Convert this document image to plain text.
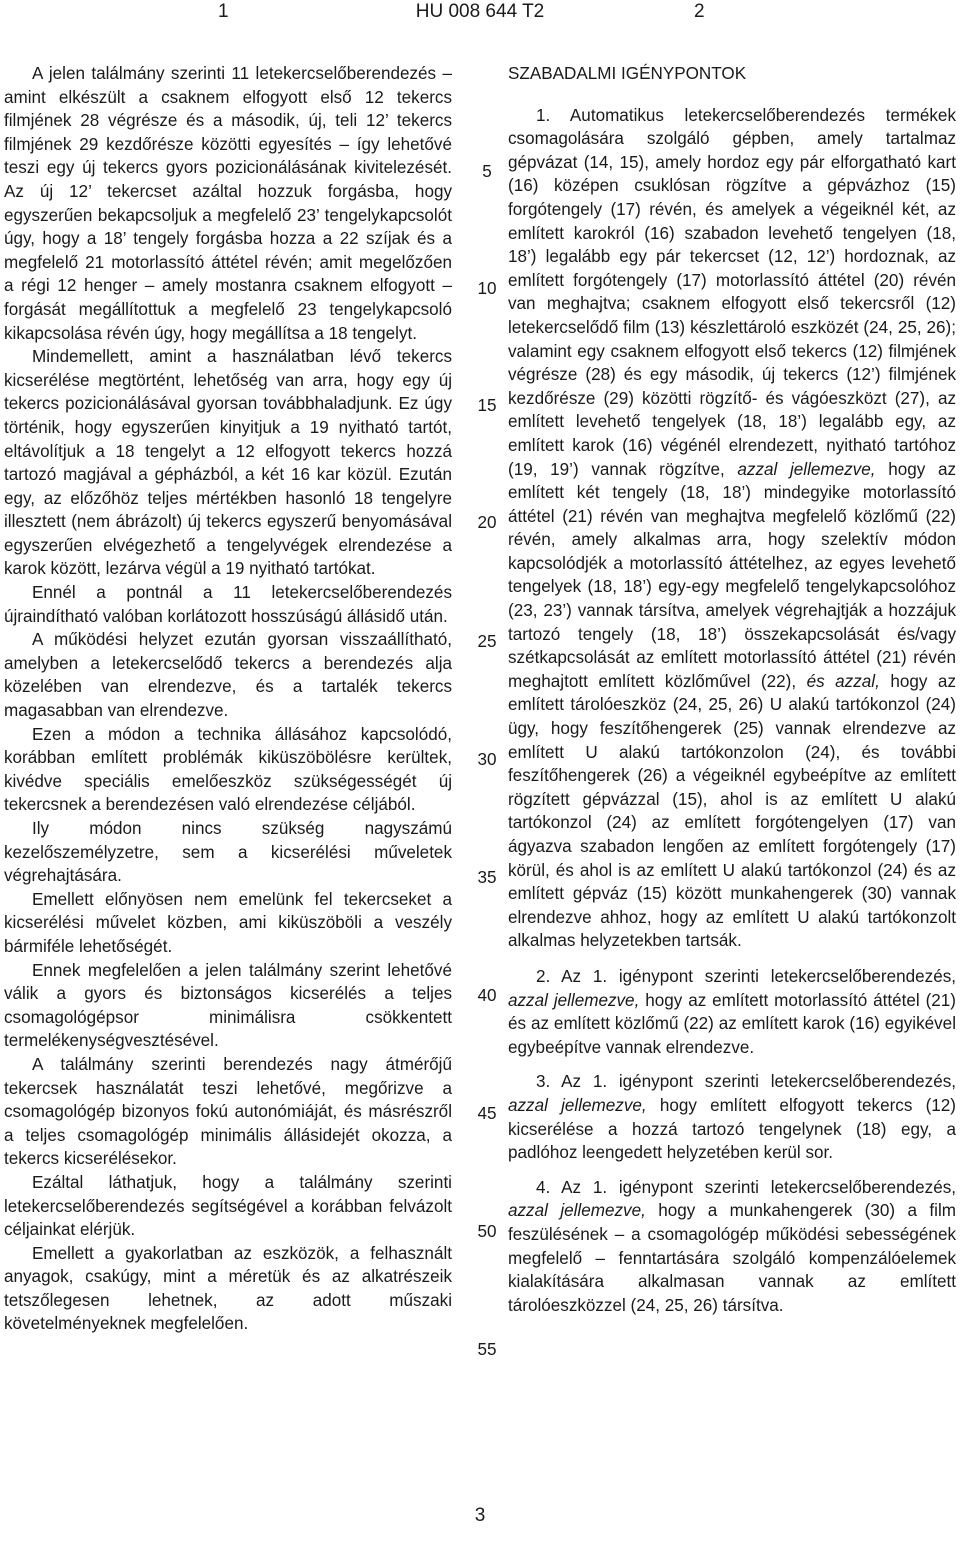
1	HU 008 644 T2	2

A jelen találmány szerinti 11 letekercselőberendezés – amint elkészült a csaknem elfogyott első 12 tekercs filmjének 28 végrésze és a második, új, teli 12’ tekercs filmjének 29 kezdőrésze közötti egyesítés – így lehetővé teszi egy új tekercs gyors pozicionálásának kivitelezését. Az új 12’ tekercset azáltal hozzuk forgásba, hogy egyszerűen bekapcsoljuk a megfelelő 23’ tengelykapcsolót úgy, hogy a 18’ tengely forgásba hozza a 22 szíjak és a megfelelő 21 motorlassító áttétel révén; amit megelőzően a régi 12 henger – amely mostanra csaknem elfogyott – forgását megállítottuk a megfelelő 23 tengelykapcsoló kikapcsolása révén úgy, hogy megállítsa a 18 tengelyt.

Mindemellett, amint a használatban lévő tekercs kicserélése megtörtént, lehetőség van arra, hogy egy új tekercs pozicionálásával gyorsan továbbhaladjunk. Ez úgy történik, hogy egyszerűen kinyitjuk a 19 nyitható tartót, eltávolítjuk a 18 tengelyt a 12 elfogyott tekercs hozzá tartozó magjával a gépházból, a két 16 kar közül. Ezután egy, az előzőhöz teljes mértékben hasonló 18 tengelyre illesztett (nem ábrázolt) új tekercs egyszerű benyomásával egyszerűen elvégezhető a tengelyvégek elrendezése a karok között, lezárva végül a 19 nyitható tartókat.

Ennél a pontnál a 11 letekercselőberendezés újraindítható valóban korlátozott hosszúságú állásidő után.

A működési helyzet ezután gyorsan visszaállítható, amelyben a letekercselődő tekercs a berendezés alja közelében van elrendezve, és a tartalék tekercs magasabban van elrendezve.

Ezen a módon a technika állásához kapcsolódó, korábban említett problémák kiküszöbölésre kerültek, kivédve speciális emelőeszköz szükségességét új tekercsnek a berendezésen való elrendezése céljából.

Ily módon nincs szükség nagyszámú kezelőszemélyzetre, sem a kicserélési műveletek végrehajtására.

Emellett előnyösen nem emelünk fel tekercseket a kicserélési művelet közben, ami kiküszöböli a veszély bármiféle lehetőségét.

Ennek megfelelően a jelen találmány szerint lehetővé válik a gyors és biztonságos kicserélés a teljes csomagológépsor minimálisra csökkentett termelékenységvesztésével.

A találmány szerinti berendezés nagy átmérőjű tekercsek használatát teszi lehetővé, megőrizve a csomagológép bizonyos fokú autonómiáját, és másrészről a teljes csomagológép minimális állásidejét okozza, a tekercs kicserélésekor.

Ezáltal láthatjuk, hogy a találmány szerinti letekercselőberendezés segítségével a korábban felvázolt céljainkat elérjük.

Emellett a gyakorlatban az eszközök, a felhasznált anyagok, csakúgy, mint a méretük és az alkatrészeik tetszőlegesen lehetnek, az adott műszaki követelményeknek megfelelően.

5
10
15
20
25
30
35
40
45
50
55
SZABADALMI IGÉNYPONTOK

1. Automatikus letekercselőberendezés termékek csomagolására szolgáló gépben, amely tartalmaz gépvázat (14, 15), amely hordoz egy pár elforgatható kart (16) középen csuklósan rögzítve a gépvázhoz (15) forgótengely (17) révén, és amelyek a végeiknél két, az említett karokról (16) szabadon levehető tengelyen (18, 18’) legalább egy pár tekercset (12, 12’) hordoznak, az említett forgótengely (17) motorlassító áttétel (20) révén van meghajtva; csaknem elfogyott első tekercsről (12) letekercselődő film (13) készlettároló eszközét (24, 25, 26); valamint egy csaknem elfogyott első tekercs (12) filmjének végrésze (28) és egy második, új tekercs (12’) filmjének kezdőrésze (29) közötti rögzítő- és vágóeszközt (27), az említett levehető tengelyek (18, 18’) legalább egy, az említett karok (16) végénél elrendezett, nyitható tartóhoz (19, 19’) vannak rögzítve, azzal jellemezve, hogy az említett két tengely (18, 18’) mindegyike motorlassító áttétel (21) révén van meghajtva megfelelő közlőmű (22) révén, amely alkalmas arra, hogy szelektív módon kapcsolódjék a motorlassító áttételhez, az egyes levehető tengelyek (18, 18’) egy-egy megfelelő tengelykapcsolóhoz (23, 23’) vannak társítva, amelyek végrehajtják a hozzájuk tartozó tengely (18, 18’) összekapcsolását és/vagy szétkapcsolását az említett motorlassító áttétel (21) révén meghajtott említett közlőművel (22), és azzal, hogy az említett tárolóeszköz (24, 25, 26) U alakú tartókonzol (24) ügy, hogy feszítőhengerek (25) vannak elrendezve az említett U alakú tartókonzolon (24), és további feszítőhengerek (26) a végeiknél egybeépítve az említett rögzített gépvázzal (15), ahol is az említett U alakú tartókonzol (24) az említett forgótengelyen (17) van ágyazva szabadon lengően az említett forgótengely (17) körül, és ahol is az említett U alakú tartókonzol (24) és az említett gépváz (15) között munkahengerek (30) vannak elrendezve ahhoz, hogy az említett U alakú tartókonzolt alkalmas helyzetekben tartsák.

2. Az 1. igénypont szerinti letekercselőberendezés, azzal jellemezve, hogy az említett motorlassító áttétel (21) és az említett közlőmű (22) az említett karok (16) egyikével egybeépítve vannak elrendezve.

3. Az 1. igénypont szerinti letekercselőberendezés, azzal jellemezve, hogy említett elfogyott tekercs (12) kicserélése a hozzá tartozó tengelynek (18) egy, a padlóhoz leengedett helyzetében kerül sor.

4. Az 1. igénypont szerinti letekercselőberendezés, azzal jellemezve, hogy a munkahengerek (30) a film feszülésének – a csomagológép működési sebességének megfelelő – fenntartására szolgáló kompenzálóelemek kialakítására alkalmasan vannak az említett tárolóeszközzel (24, 25, 26) társítva.

3
